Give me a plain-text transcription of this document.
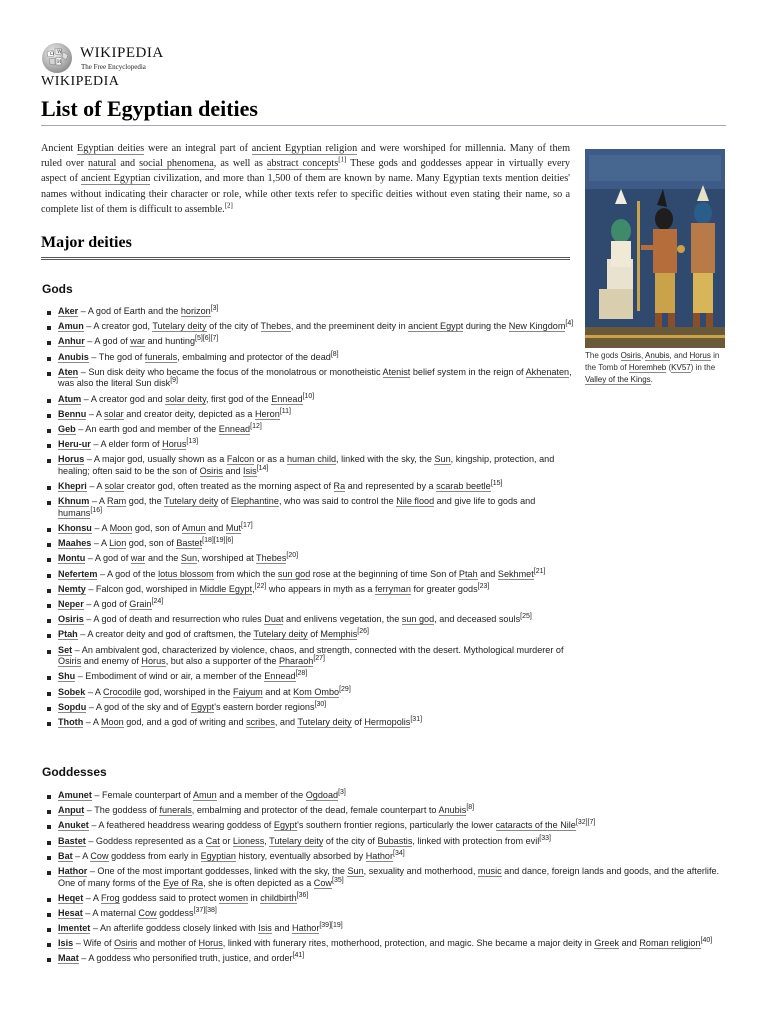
Ω W
И
WIKIPEDIA
The Free Encyclopedia
WIKIPEDIA
List of Egyptian deities

Ancient Egyptian deities were an integral part of ancient Egyptian religion and were worshiped for millennia. Many of them ruled over natural and social phenomena, as well as abstract concepts[1] These gods and goddesses appear in virtually every aspect of ancient Egyptian civilization, and more than 1,500 of them are known by name. Many Egyptian texts mention deities' names without indicating their character or role, while other texts refer to specific deities without even stating their name, so a complete list of them is difficult to assemble.[2]

The gods Osiris, Anubis, and Horus in the Tomb of Horemheb (KV57) in the Valley of the Kings.
Major deities
Gods
Aker – A god of Earth and the horizon[3]
Amun – A creator god, Tutelary deity of the city of Thebes, and the preeminent deity in ancient Egypt during the New Kingdom[4]
Anhur – A god of war and hunting[5][6][7]
Anubis – The god of funerals, embalming and protector of the dead[8]
Aten – Sun disk deity who became the focus of the monolatrous or monotheistic Atenist belief system in the reign of Akhenaten, was also the literal Sun disk[9]
Atum – A creator god and solar deity, first god of the Ennead[10]
Bennu – A solar and creator deity, depicted as a Heron[11]
Geb – An earth god and member of the Ennead[12]
Heru-ur – A elder form of Horus[13]
Horus – A major god, usually shown as a Falcon or as a human child, linked with the sky, the Sun, kingship, protection, and healing; often said to be the son of Osiris and Isis[14]
Khepri – A solar creator god, often treated as the morning aspect of Ra and represented by a scarab beetle[15]
Khnum – A Ram god, the Tutelary deity of Elephantine, who was said to control the Nile flood and give life to gods and humans[16]
Khonsu – A Moon god, son of Amun and Mut[17]
Maahes – A Lion god, son of Bastet[18][19][6]
Montu – A god of war and the Sun, worshiped at Thebes[20]
Nefertem – A god of the lotus blossom from which the sun god rose at the beginning of time Son of Ptah and Sekhmet[21]
Nemty – Falcon god, worshiped in Middle Egypt,[22] who appears in myth as a ferryman for greater gods[23]
Neper – A god of Grain[24]
Osiris – A god of death and resurrection who rules Duat and enlivens vegetation, the sun god, and deceased souls[25]
Ptah – A creator deity and god of craftsmen, the Tutelary deity of Memphis[26]
Set – An ambivalent god, characterized by violence, chaos, and strength, connected with the desert. Mythological murderer of Osiris and enemy of Horus, but also a supporter of the Pharaoh[27]
Shu – Embodiment of wind or air, a member of the Ennead[28]
Sobek – A Crocodile god, worshiped in the Faiyum and at Kom Ombo[29]
Sopdu – A god of the sky and of Egypt's eastern border regions[30]
Thoth – A Moon god, and a god of writing and scribes, and Tutelary deity of Hermopolis[31]
Goddesses
Amunet – Female counterpart of Amun and a member of the Ogdoad[3]
Anput – The goddess of funerals, embalming and protector of the dead, female counterpart to Anubis[8]
Anuket – A feathered headdress wearing goddess of Egypt's southern frontier regions, particularly the lower cataracts of the Nile[32][7]
Bastet – Goddess represented as a Cat or Lioness, Tutelary deity of the city of Bubastis, linked with protection from evil[33]
Bat – A Cow goddess from early in Egyptian history, eventually absorbed by Hathor[34]
Hathor – One of the most important goddesses, linked with the sky, the Sun, sexuality and motherhood, music and dance, foreign lands and goods, and the afterlife. One of many forms of the Eye of Ra, she is often depicted as a Cow[35]
Heqet – A Frog goddess said to protect women in childbirth[36]
Hesat – A maternal Cow goddess[37][38]
Imentet – An afterlife goddess closely linked with Isis and Hathor[39][19]
Isis – Wife of Osiris and mother of Horus, linked with funerary rites, motherhood, protection, and magic. She became a major deity in Greek and Roman religion[40]
Maat – A goddess who personified truth, justice, and order[41]
